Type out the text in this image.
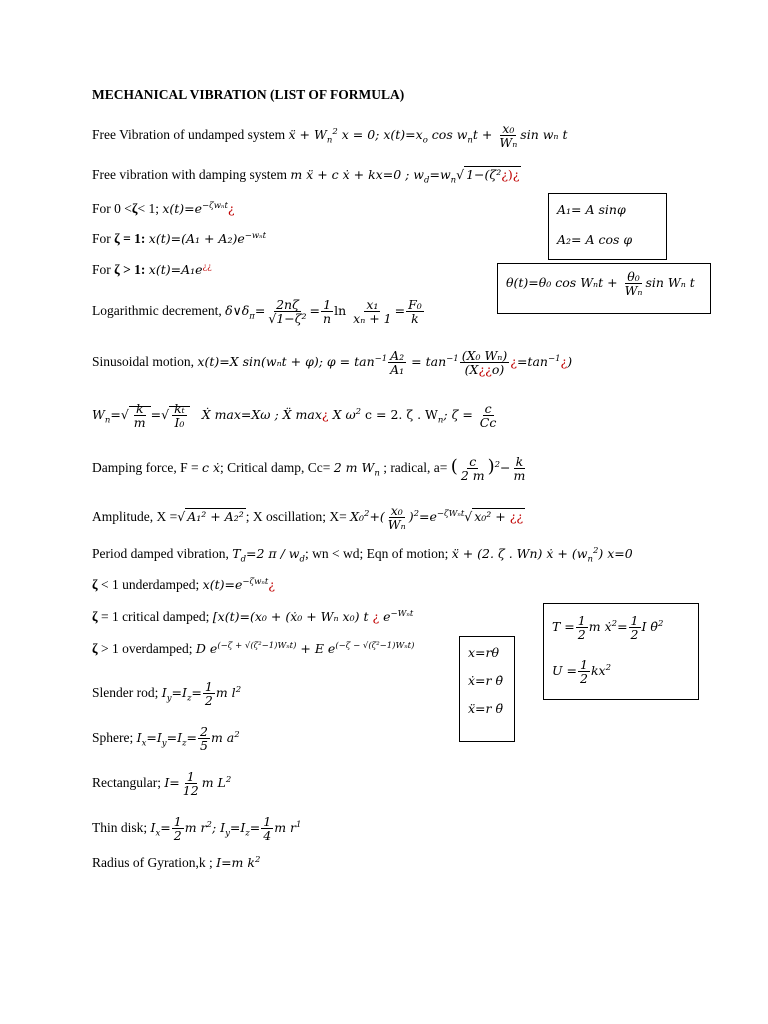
MECHANICAL VIBRATION (LIST OF FORMULA)
Free Vibration of undamped system ẍ + $W_n^2$ x = 0; $x(t)=x_o$ $\cos w_nt + \frac{\text{x₀}}{\text{Wₙ}}$ sin wₙ t
Free vibration with damping system m ẍ + c ẋ + kx=0 ; $w_d=w_n√$ 1−(ζ²¿)¿
For 0 <ζ< 1; $x(t)=e^{-\zeta w_nt}¿$
For ζ = 1: $x(t)=(A_1 + A_2)e^{-w_nt}$
For ζ > 1: x(t)=A₁e¿¿
Logarithmic decrement, $\delta\vee\delta_\pi= \frac{2n\zeta}{\text{√1−ζ²}} = \frac{1}{n}$ $\ln \frac{\text{x₁}}{\text{xₙ + 1}} = \frac{\text{F₀}}{k}$
Sinusoidal motion, x(t)=X sin(wₙt + φ); $\varphi = \tan^{-1} \frac{\text{A₂}}{\text{A₁}} = \tan^{-1} \frac{\text{(X₀ Wₙ)}}{(X¿¿o)}$ ¿$=\tan^{-1}¿$)
$W_n=√ \frac{k}{m}$ =√ $\frac{\text{kₜ}}{\text{I₀}}$ Ẋ max=Xω ; Ẍ max¿ X $\omega^2$ c = 2. ζ . $W_n$; $\zeta = \frac{c}{Cc}$
Damping force, F = c ẋ; Critical damp, Cc= 2 m $W_n$ ; radical, a= ( $\frac{c}{2 m} )^2- \frac{k}{m}$
Amplitude, X =√ A₁² + A₂² ; X oscillation; $X= X_0^2+( \frac{\text{x₀}}{\text{Wₙ}} )^2=e^{-\zeta W_nt}√$ x₀² + ¿¿
Period damped vibration, $T_d=2$ π / $w_d$; wn < wd; Eqn of motion; ẍ + (2. ζ . Wn) ẋ + $(w_n^2)$ x=0
ζ < 1 underdamped; $x(t)=e^{-\zeta w_nt}¿$
ζ = 1 critical damped; [x(t)=(x₀ + (ẋ₀ + Wₙ x₀) t ¿ $e^{-W_nt}$
ζ > 1 overdamped; D $e^{(-\zeta + √(\zeta^2-1)W_nt)} + E$ $e^{(-\zeta - √(\zeta^2-1)W_nt)}$
Slender rod; $I_y=I_z= \frac{1}{2}$ m $l^2$
Sphere; $I_x=I_y=I_z= \frac{2}{5}$ m $a^2$
Rectangular; $I= \frac{1}{12}$ m $L^2$
Thin disk; $I_x= \frac{1}{2}$ m $r^2$; $I_y=I_z= \frac{1}{4}$ m $r^1$
Radius of Gyration,k ; I=m $k^2$
A₁= A sinφ
A₂= A cos φ
θ(t)=θ₀ $\cos W_nt + \frac{\text{θ₀}}{\text{Wₙ}}$ sin Wₙ t
$T = \frac{1}{2}$ m ẋ$^2$= $\frac{1}{2}$ I θ̇$^2$
$U = \frac{1}{2} kx^2$
x=rθ
ẋ=r θ̇
ẍ=r θ̈
